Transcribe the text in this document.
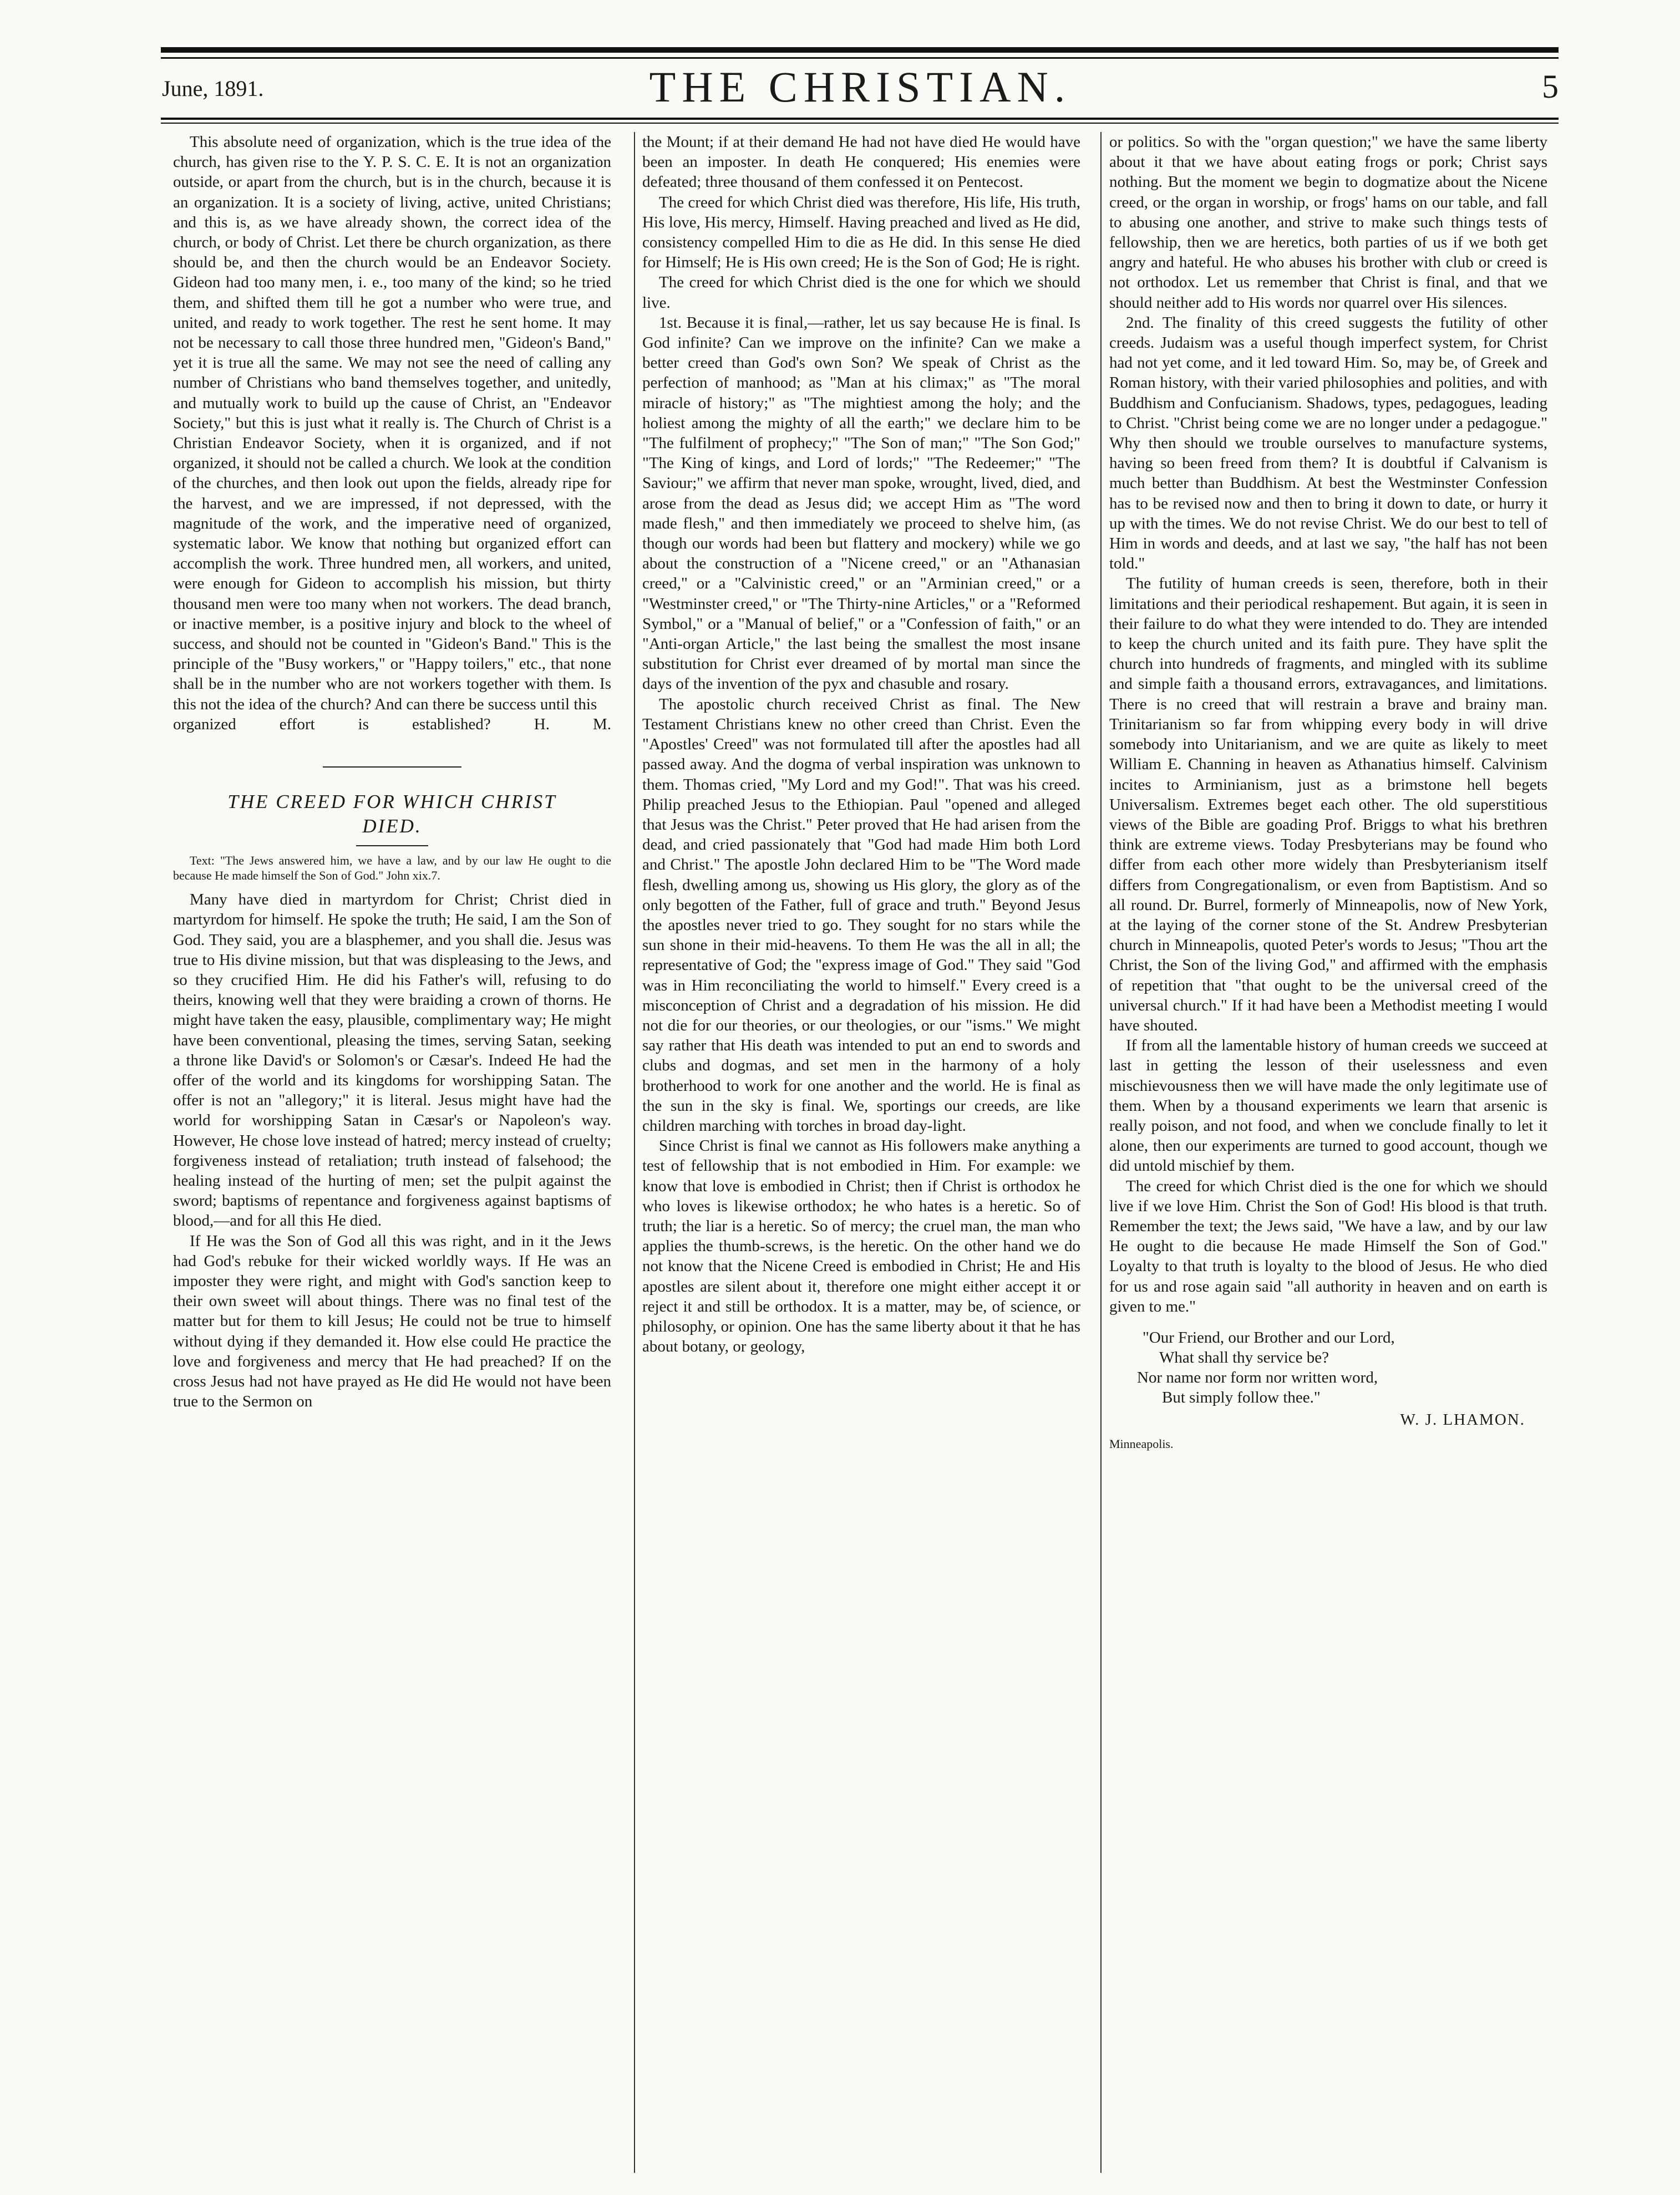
June, 1891.	THE CHRISTIAN.	5

This absolute need of organization, which is the true idea of the church, has given rise to the Y. P. S. C. E. It is not an organization outside, or apart from the church, but is in the church, because it is an organization. It is a society of living, active, united Christians; and this is, as we have already shown, the correct idea of the church, or body of Christ. Let there be church organization, as there should be, and then the church would be an Endeavor Society. Gideon had too many men, i. e., too many of the kind; so he tried them, and shifted them till he got a number who were true, and united, and ready to work together. The rest he sent home. It may not be necessary to call those three hundred men, "Gideon's Band," yet it is true all the same. We may not see the need of calling any number of Christians who band themselves together, and unitedly, and mutually work to build up the cause of Christ, an "Endeavor Society," but this is just what it really is. The Church of Christ is a Christian Endeavor Society, when it is organized, and if not organized, it should not be called a church. We look at the condition of the churches, and then look out upon the fields, already ripe for the harvest, and we are impressed, if not depressed, with the magnitude of the work, and the imperative need of organized, systematic labor. We know that nothing but organized effort can accomplish the work. Three hundred men, all workers, and united, were enough for Gideon to accomplish his mission, but thirty thousand men were too many when not workers. The dead branch, or inactive member, is a positive injury and block to the wheel of success, and should not be counted in "Gideon's Band." This is the principle of the "Busy workers," or "Happy toilers," etc., that none shall be in the number who are not workers together with them. Is this not the idea of the church? And can there be success until this

organized effort is established?	H. M.

THE CREED FOR WHICH CHRIST
DIED.

Text: "The Jews answered him, we have a law, and by our law He ought to die because He made himself the Son of God." John xix.7.

Many have died in martyrdom for Christ; Christ died in martyrdom for himself. He spoke the truth; He said, I am the Son of God. They said, you are a blasphemer, and you shall die. Jesus was true to His divine mission, but that was displeasing to the Jews, and so they crucified Him. He did his Father's will, refusing to do theirs, knowing well that they were braiding a crown of thorns. He might have taken the easy, plausible, complimentary way; He might have been conventional, pleasing the times, serving Satan, seeking a throne like David's or Solomon's or Cæsar's. Indeed He had the offer of the world and its kingdoms for worshipping Satan. The offer is not an "allegory;" it is literal. Jesus might have had the world for worshipping Satan in Cæsar's or Napoleon's way. However, He chose love instead of hatred; mercy instead of cruelty; forgiveness instead of retaliation; truth instead of falsehood; the healing instead of the hurting of men; set the pulpit against the sword; baptisms of repentance and forgiveness against baptisms of blood,—and for all this He died.

If He was the Son of God all this was right, and in it the Jews had God's rebuke for their wicked worldly ways. If He was an imposter they were right, and might with God's sanction keep to their own sweet will about things. There was no final test of the matter but for them to kill Jesus; He could not be true to himself without dying if they demanded it. How else could He practice the love and forgiveness and mercy that He had preached? If on the cross Jesus had not have prayed as He did He would not have been true to the Sermon on

the Mount; if at their demand He had not have died He would have been an imposter. In death He conquered; His enemies were defeated; three thousand of them confessed it on Pentecost.

The creed for which Christ died was therefore, His life, His truth, His love, His mercy, Himself. Having preached and lived as He did, consistency compelled Him to die as He did. In this sense He died for Himself; He is His own creed; He is the Son of God; He is right.

The creed for which Christ died is the one for which we should live.

1st. Because it is final,—rather, let us say because He is final. Is God infinite? Can we improve on the infinite? Can we make a better creed than God's own Son? We speak of Christ as the perfection of manhood; as "Man at his climax;" as "The moral miracle of history;" as "The mightiest among the holy; and the holiest among the mighty of all the earth;" we declare him to be "The fulfilment of prophecy;" "The Son of man;" "The Son God;" "The King of kings, and Lord of lords;" "The Redeemer;" "The Saviour;" we affirm that never man spoke, wrought, lived, died, and arose from the dead as Jesus did; we accept Him as "The word made flesh," and then immediately we proceed to shelve him, (as though our words had been but flattery and mockery) while we go about the construction of a "Nicene creed," or an "Athanasian creed," or a "Calvinistic creed," or an "Arminian creed," or a "Westminster creed," or "The Thirty-nine Articles," or a "Reformed Symbol," or a "Manual of belief," or a "Confession of faith," or an "Anti-organ Article," the last being the smallest the most insane substitution for Christ ever dreamed of by mortal man since the days of the invention of the pyx and chasuble and rosary.

The apostolic church received Christ as final. The New Testament Christians knew no other creed than Christ. Even the "Apostles' Creed" was not formulated till after the apostles had all passed away. And the dogma of verbal inspiration was unknown to them. Thomas cried, "My Lord and my God!". That was his creed. Philip preached Jesus to the Ethiopian. Paul "opened and alleged that Jesus was the Christ." Peter proved that He had arisen from the dead, and cried passionately that "God had made Him both Lord and Christ." The apostle John declared Him to be "The Word made flesh, dwelling among us, showing us His glory, the glory as of the only begotten of the Father, full of grace and truth." Beyond Jesus the apostles never tried to go. They sought for no stars while the sun shone in their mid-heavens. To them He was the all in all; the representative of God; the "express image of God." They said "God was in Him reconciliating the world to himself." Every creed is a misconception of Christ and a degradation of his mission. He did not die for our theories, or our theologies, or our "isms." We might say rather that His death was intended to put an end to swords and clubs and dogmas, and set men in the harmony of a holy brotherhood to work for one another and the world. He is final as the sun in the sky is final. We, sportings our creeds, are like children marching with torches in broad day-light.

Since Christ is final we cannot as His followers make anything a test of fellowship that is not embodied in Him. For example: we know that love is embodied in Christ; then if Christ is orthodox he who loves is likewise orthodox; he who hates is a heretic. So of truth; the liar is a heretic. So of mercy; the cruel man, the man who applies the thumb-screws, is the heretic. On the other hand we do not know that the Nicene Creed is embodied in Christ; He and His apostles are silent about it, therefore one might either accept it or reject it and still be orthodox. It is a matter, may be, of science, or philosophy, or opinion. One has the same liberty about it that he has about botany, or geology,

or politics. So with the "organ question;" we have the same liberty about it that we have about eating frogs or pork; Christ says nothing. But the moment we begin to dogmatize about the Nicene creed, or the organ in worship, or frogs' hams on our table, and fall to abusing one another, and strive to make such things tests of fellowship, then we are heretics, both parties of us if we both get angry and hateful. He who abuses his brother with club or creed is not orthodox. Let us remember that Christ is final, and that we should neither add to His words nor quarrel over His silences.

2nd. The finality of this creed suggests the futility of other creeds. Judaism was a useful though imperfect system, for Christ had not yet come, and it led toward Him. So, may be, of Greek and Roman history, with their varied philosophies and polities, and with Buddhism and Confucianism. Shadows, types, pedagogues, leading to Christ. "Christ being come we are no longer under a pedagogue." Why then should we trouble ourselves to manufacture systems, having so been freed from them? It is doubtful if Calvanism is much better than Buddhism. At best the Westminster Confession has to be revised now and then to bring it down to date, or hurry it up with the times. We do not revise Christ. We do our best to tell of Him in words and deeds, and at last we say, "the half has not been told."

The futility of human creeds is seen, therefore, both in their limitations and their periodical reshapement. But again, it is seen in their failure to do what they were intended to do. They are intended to keep the church united and its faith pure. They have split the church into hundreds of fragments, and mingled with its sublime and simple faith a thousand errors, extravagances, and limitations. There is no creed that will restrain a brave and brainy man. Trinitarianism so far from whipping every body in will drive somebody into Unitarianism, and we are quite as likely to meet William E. Channing in heaven as Athanatius himself. Calvinism incites to Arminianism, just as a brimstone hell begets Universalism. Extremes beget each other. The old superstitious views of the Bible are goading Prof. Briggs to what his brethren think are extreme views. Today Presbyterians may be found who differ from each other more widely than Presbyterianism itself differs from Congregationalism, or even from Baptistism. And so all round. Dr. Burrel, formerly of Minneapolis, now of New York, at the laying of the corner stone of the St. Andrew Presbyterian church in Minneapolis, quoted Peter's words to Jesus; "Thou art the Christ, the Son of the living God," and affirmed with the emphasis of repetition that "that ought to be the universal creed of the universal church." If it had have been a Methodist meeting I would have shouted.

If from all the lamentable history of human creeds we succeed at last in getting the lesson of their uselessness and even mischievousness then we will have made the only legitimate use of them. When by a thousand experiments we learn that arsenic is really poison, and not food, and when we conclude finally to let it alone, then our experiments are turned to good account, though we did untold mischief by them.

The creed for which Christ died is the one for which we should live if we love Him. Christ the Son of God! His blood is that truth. Remember the text; the Jews said, "We have a law, and by our law He ought to die because He made Himself the Son of God." Loyalty to that truth is loyalty to the blood of Jesus. He who died for us and rose again said "all authority in heaven and on earth is given to me."

"Our Friend, our Brother and our Lord,
What shall thy service be?
Nor name nor form nor written word,
But simply follow thee."
W. J. LHAMON.
Minneapolis.
